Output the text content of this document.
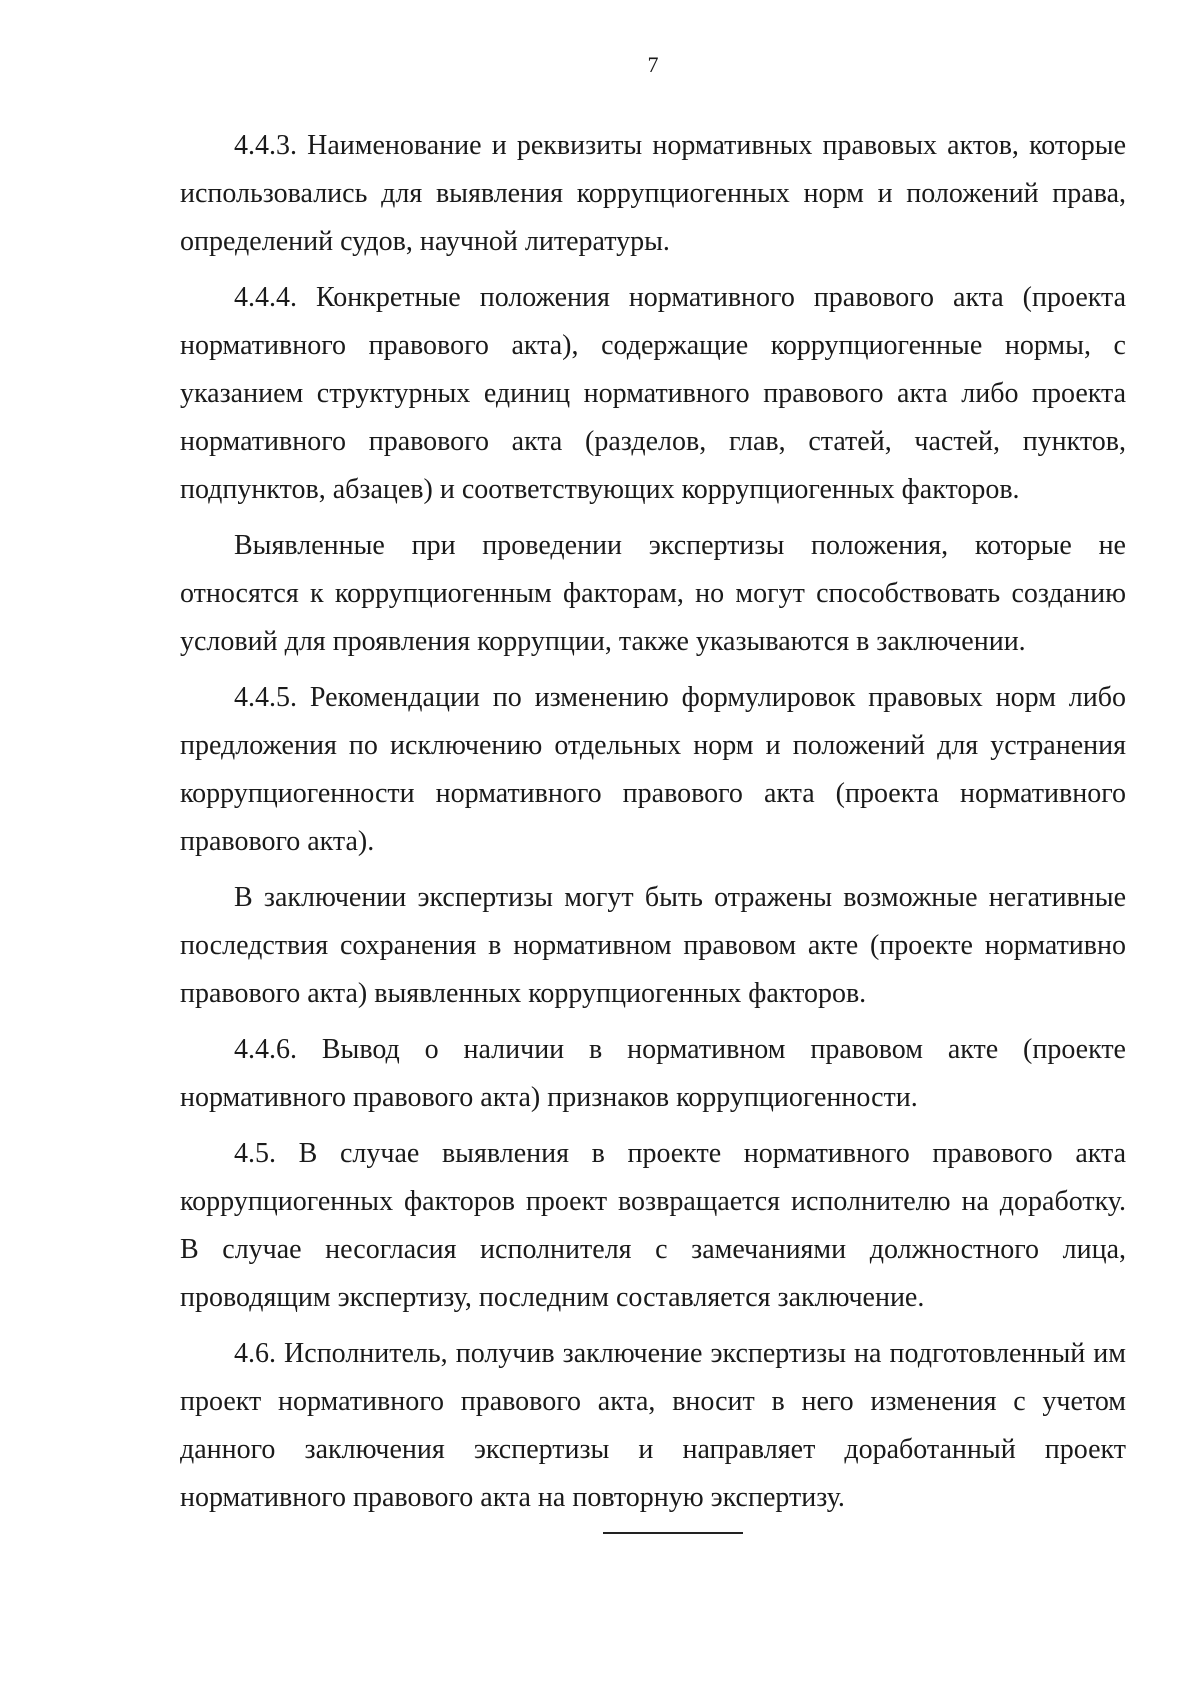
7

4.4.3. Наименование и реквизиты нормативных правовых актов, которые использовались для выявления коррупциогенных норм и положений права, определений судов, научной литературы.

4.4.4. Конкретные положения нормативного правового акта (проекта нормативного правового акта), содержащие коррупциогенные нормы, с указанием структурных единиц нормативного правового акта либо проекта нормативного правового акта (разделов, глав, статей, частей, пунктов, подпунктов, абзацев) и соответствующих коррупциогенных факторов.

Выявленные при проведении экспертизы положения, которые не относятся к коррупциогенным факторам, но могут способствовать созданию условий для проявления коррупции, также указываются в заключении.

4.4.5. Рекомендации по изменению формулировок правовых норм либо предложения по исключению отдельных норм и положений для устранения коррупциогенности нормативного правового акта (проекта нормативного правового акта).

В заключении экспертизы могут быть отражены возможные негативные последствия сохранения в нормативном правовом акте (проекте нормативно правового акта) выявленных коррупциогенных факторов.

4.4.6. Вывод о наличии в нормативном правовом акте (проекте нормативного правового акта) признаков коррупциогенности.

4.5. В случае выявления в проекте нормативного правового акта коррупциогенных факторов проект возвращается исполнителю на доработку. В случае несогласия исполнителя с замечаниями должностного лица, проводящим экспертизу, последним составляется заключение.

4.6. Исполнитель, получив заключение экспертизы на подготовленный им проект нормативного правового акта, вносит в него изменения с учетом данного заключения экспертизы и направляет доработанный проект нормативного правового акта на повторную экспертизу.
